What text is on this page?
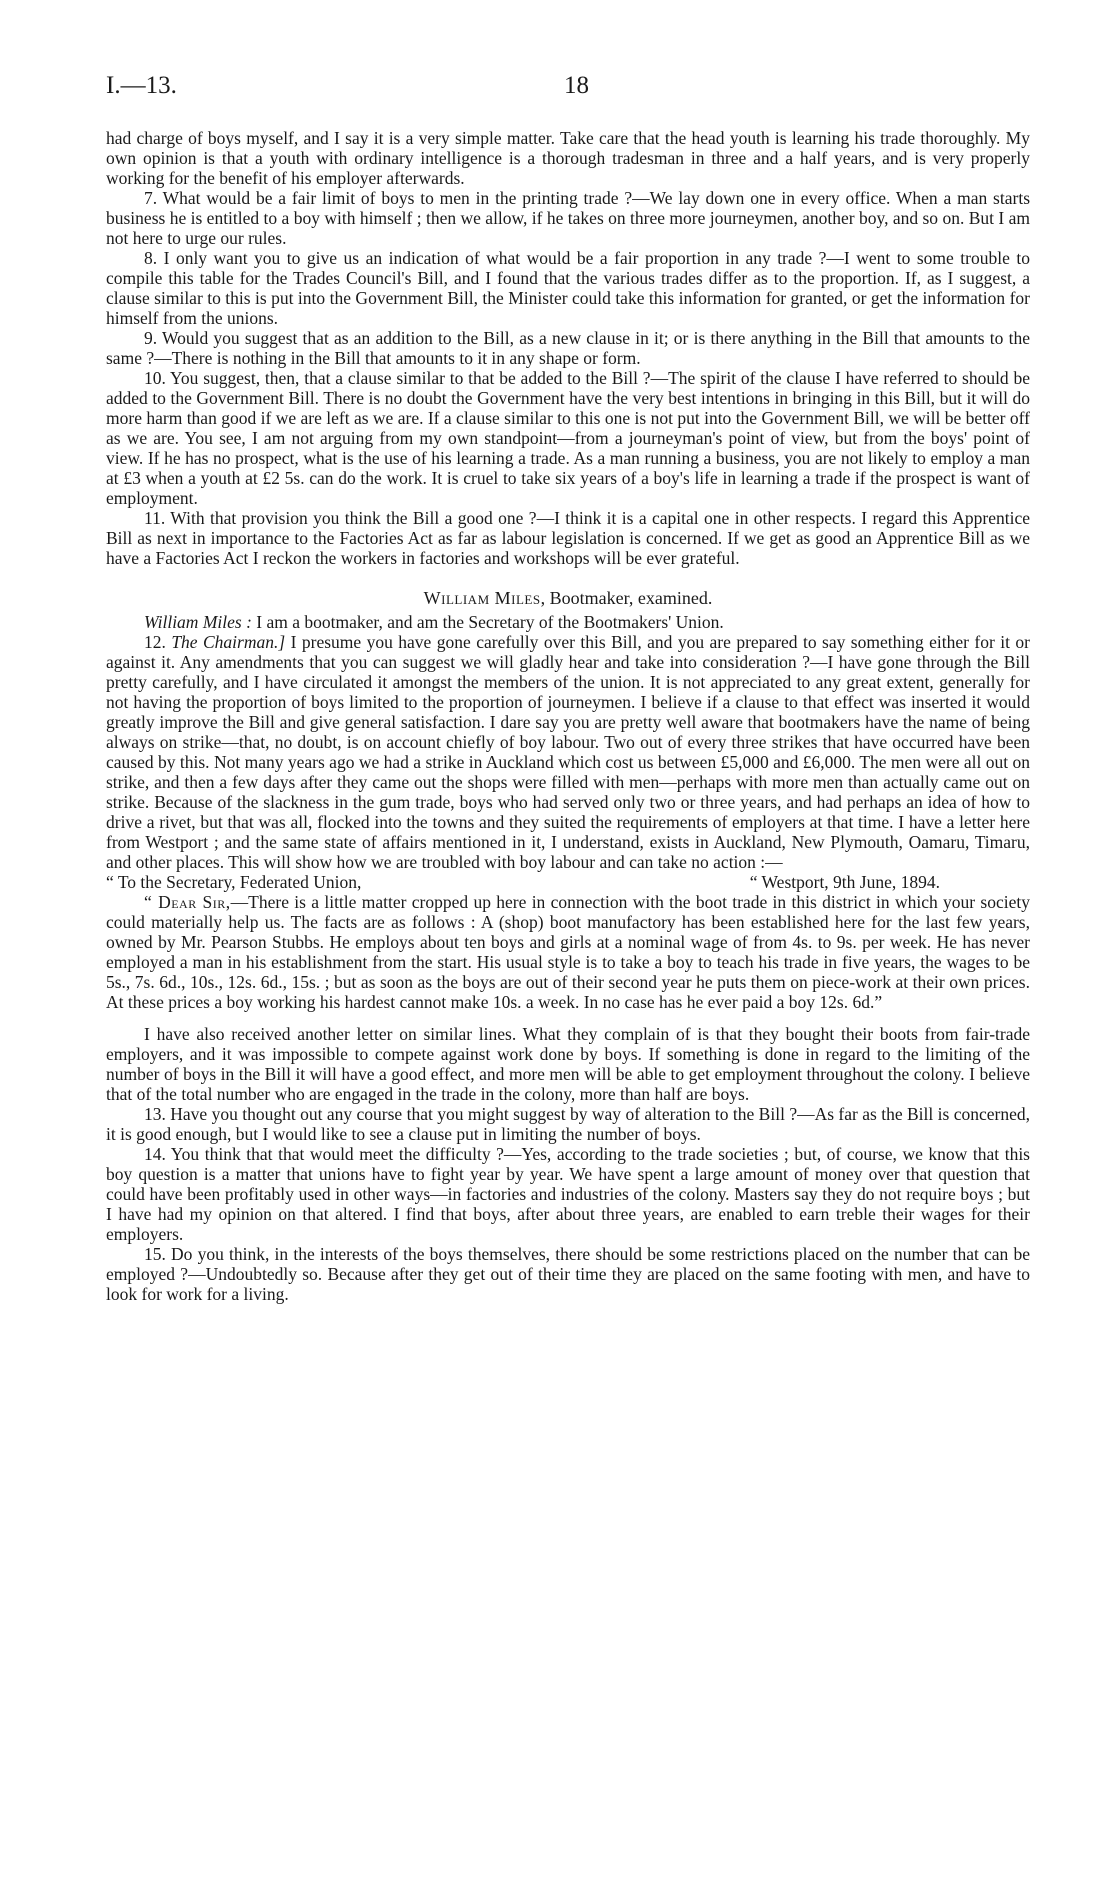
I.—13.	18

had charge of boys myself, and I say it is a very simple matter. Take care that the head youth is learning his trade thoroughly. My own opinion is that a youth with ordinary intelligence is a thorough tradesman in three and a half years, and is very properly working for the benefit of his employer afterwards.

7. What would be a fair limit of boys to men in the printing trade ?—We lay down one in every office. When a man starts business he is entitled to a boy with himself ; then we allow, if he takes on three more journeymen, another boy, and so on. But I am not here to urge our rules.

8. I only want you to give us an indication of what would be a fair proportion in any trade ?—I went to some trouble to compile this table for the Trades Council's Bill, and I found that the various trades differ as to the proportion. If, as I suggest, a clause similar to this is put into the Government Bill, the Minister could take this information for granted, or get the information for himself from the unions.

9. Would you suggest that as an addition to the Bill, as a new clause in it; or is there anything in the Bill that amounts to the same ?—There is nothing in the Bill that amounts to it in any shape or form.

10. You suggest, then, that a clause similar to that be added to the Bill ?—The spirit of the clause I have referred to should be added to the Government Bill. There is no doubt the Government have the very best intentions in bringing in this Bill, but it will do more harm than good if we are left as we are. If a clause similar to this one is not put into the Government Bill, we will be better off as we are. You see, I am not arguing from my own standpoint—from a journeyman's point of view, but from the boys' point of view. If he has no prospect, what is the use of his learning a trade. As a man running a business, you are not likely to employ a man at £3 when a youth at £2 5s. can do the work. It is cruel to take six years of a boy's life in learning a trade if the prospect is want of employment.

11. With that provision you think the Bill a good one ?—I think it is a capital one in other respects. I regard this Apprentice Bill as next in importance to the Factories Act as far as labour legislation is concerned. If we get as good an Apprentice Bill as we have a Factories Act I reckon the workers in factories and workshops will be ever grateful.

William Miles, Bootmaker, examined.

William Miles : I am a bootmaker, and am the Secretary of the Bootmakers' Union.

12. The Chairman.] I presume you have gone carefully over this Bill, and you are prepared to say something either for it or against it. Any amendments that you can suggest we will gladly hear and take into consideration ?—I have gone through the Bill pretty carefully, and I have circulated it amongst the members of the union. It is not appreciated to any great extent, generally for not having the proportion of boys limited to the proportion of journeymen. I believe if a clause to that effect was inserted it would greatly improve the Bill and give general satisfaction. I dare say you are pretty well aware that bootmakers have the name of being always on strike—that, no doubt, is on account chiefly of boy labour. Two out of every three strikes that have occurred have been caused by this. Not many years ago we had a strike in Auckland which cost us between £5,000 and £6,000. The men were all out on strike, and then a few days after they came out the shops were filled with men—perhaps with more men than actually came out on strike. Because of the slackness in the gum trade, boys who had served only two or three years, and had perhaps an idea of how to drive a rivet, but that was all, flocked into the towns and they suited the requirements of employers at that time. I have a letter here from Westport ; and the same state of affairs mentioned in it, I understand, exists in Auckland, New Plymouth, Oamaru, Timaru, and other places. This will show how we are troubled with boy labour and can take no action :—

“ To the Secretary, Federated Union,	“ Westport, 9th June, 1894.

“ Dear Sir,—There is a little matter cropped up here in connection with the boot trade in this district in which your society could materially help us. The facts are as follows : A (shop) boot manufactory has been established here for the last few years, owned by Mr. Pearson Stubbs. He employs about ten boys and girls at a nominal wage of from 4s. to 9s. per week. He has never employed a man in his establishment from the start. His usual style is to take a boy to teach his trade in five years, the wages to be 5s., 7s. 6d., 10s., 12s. 6d., 15s. ; but as soon as the boys are out of their second year he puts them on piece-work at their own prices. At these prices a boy working his hardest cannot make 10s. a week. In no case has he ever paid a boy 12s. 6d.”

I have also received another letter on similar lines. What they complain of is that they bought their boots from fair-trade employers, and it was impossible to compete against work done by boys. If something is done in regard to the limiting of the number of boys in the Bill it will have a good effect, and more men will be able to get employment throughout the colony. I believe that of the total number who are engaged in the trade in the colony, more than half are boys.

13. Have you thought out any course that you might suggest by way of alteration to the Bill ?—As far as the Bill is concerned, it is good enough, but I would like to see a clause put in limiting the number of boys.

14. You think that that would meet the difficulty ?—Yes, according to the trade societies ; but, of course, we know that this boy question is a matter that unions have to fight year by year. We have spent a large amount of money over that question that could have been profitably used in other ways—in factories and industries of the colony. Masters say they do not require boys ; but I have had my opinion on that altered. I find that boys, after about three years, are enabled to earn treble their wages for their employers.

15. Do you think, in the interests of the boys themselves, there should be some restrictions placed on the number that can be employed ?—Undoubtedly so. Because after they get out of their time they are placed on the same footing with men, and have to look for work for a living.
